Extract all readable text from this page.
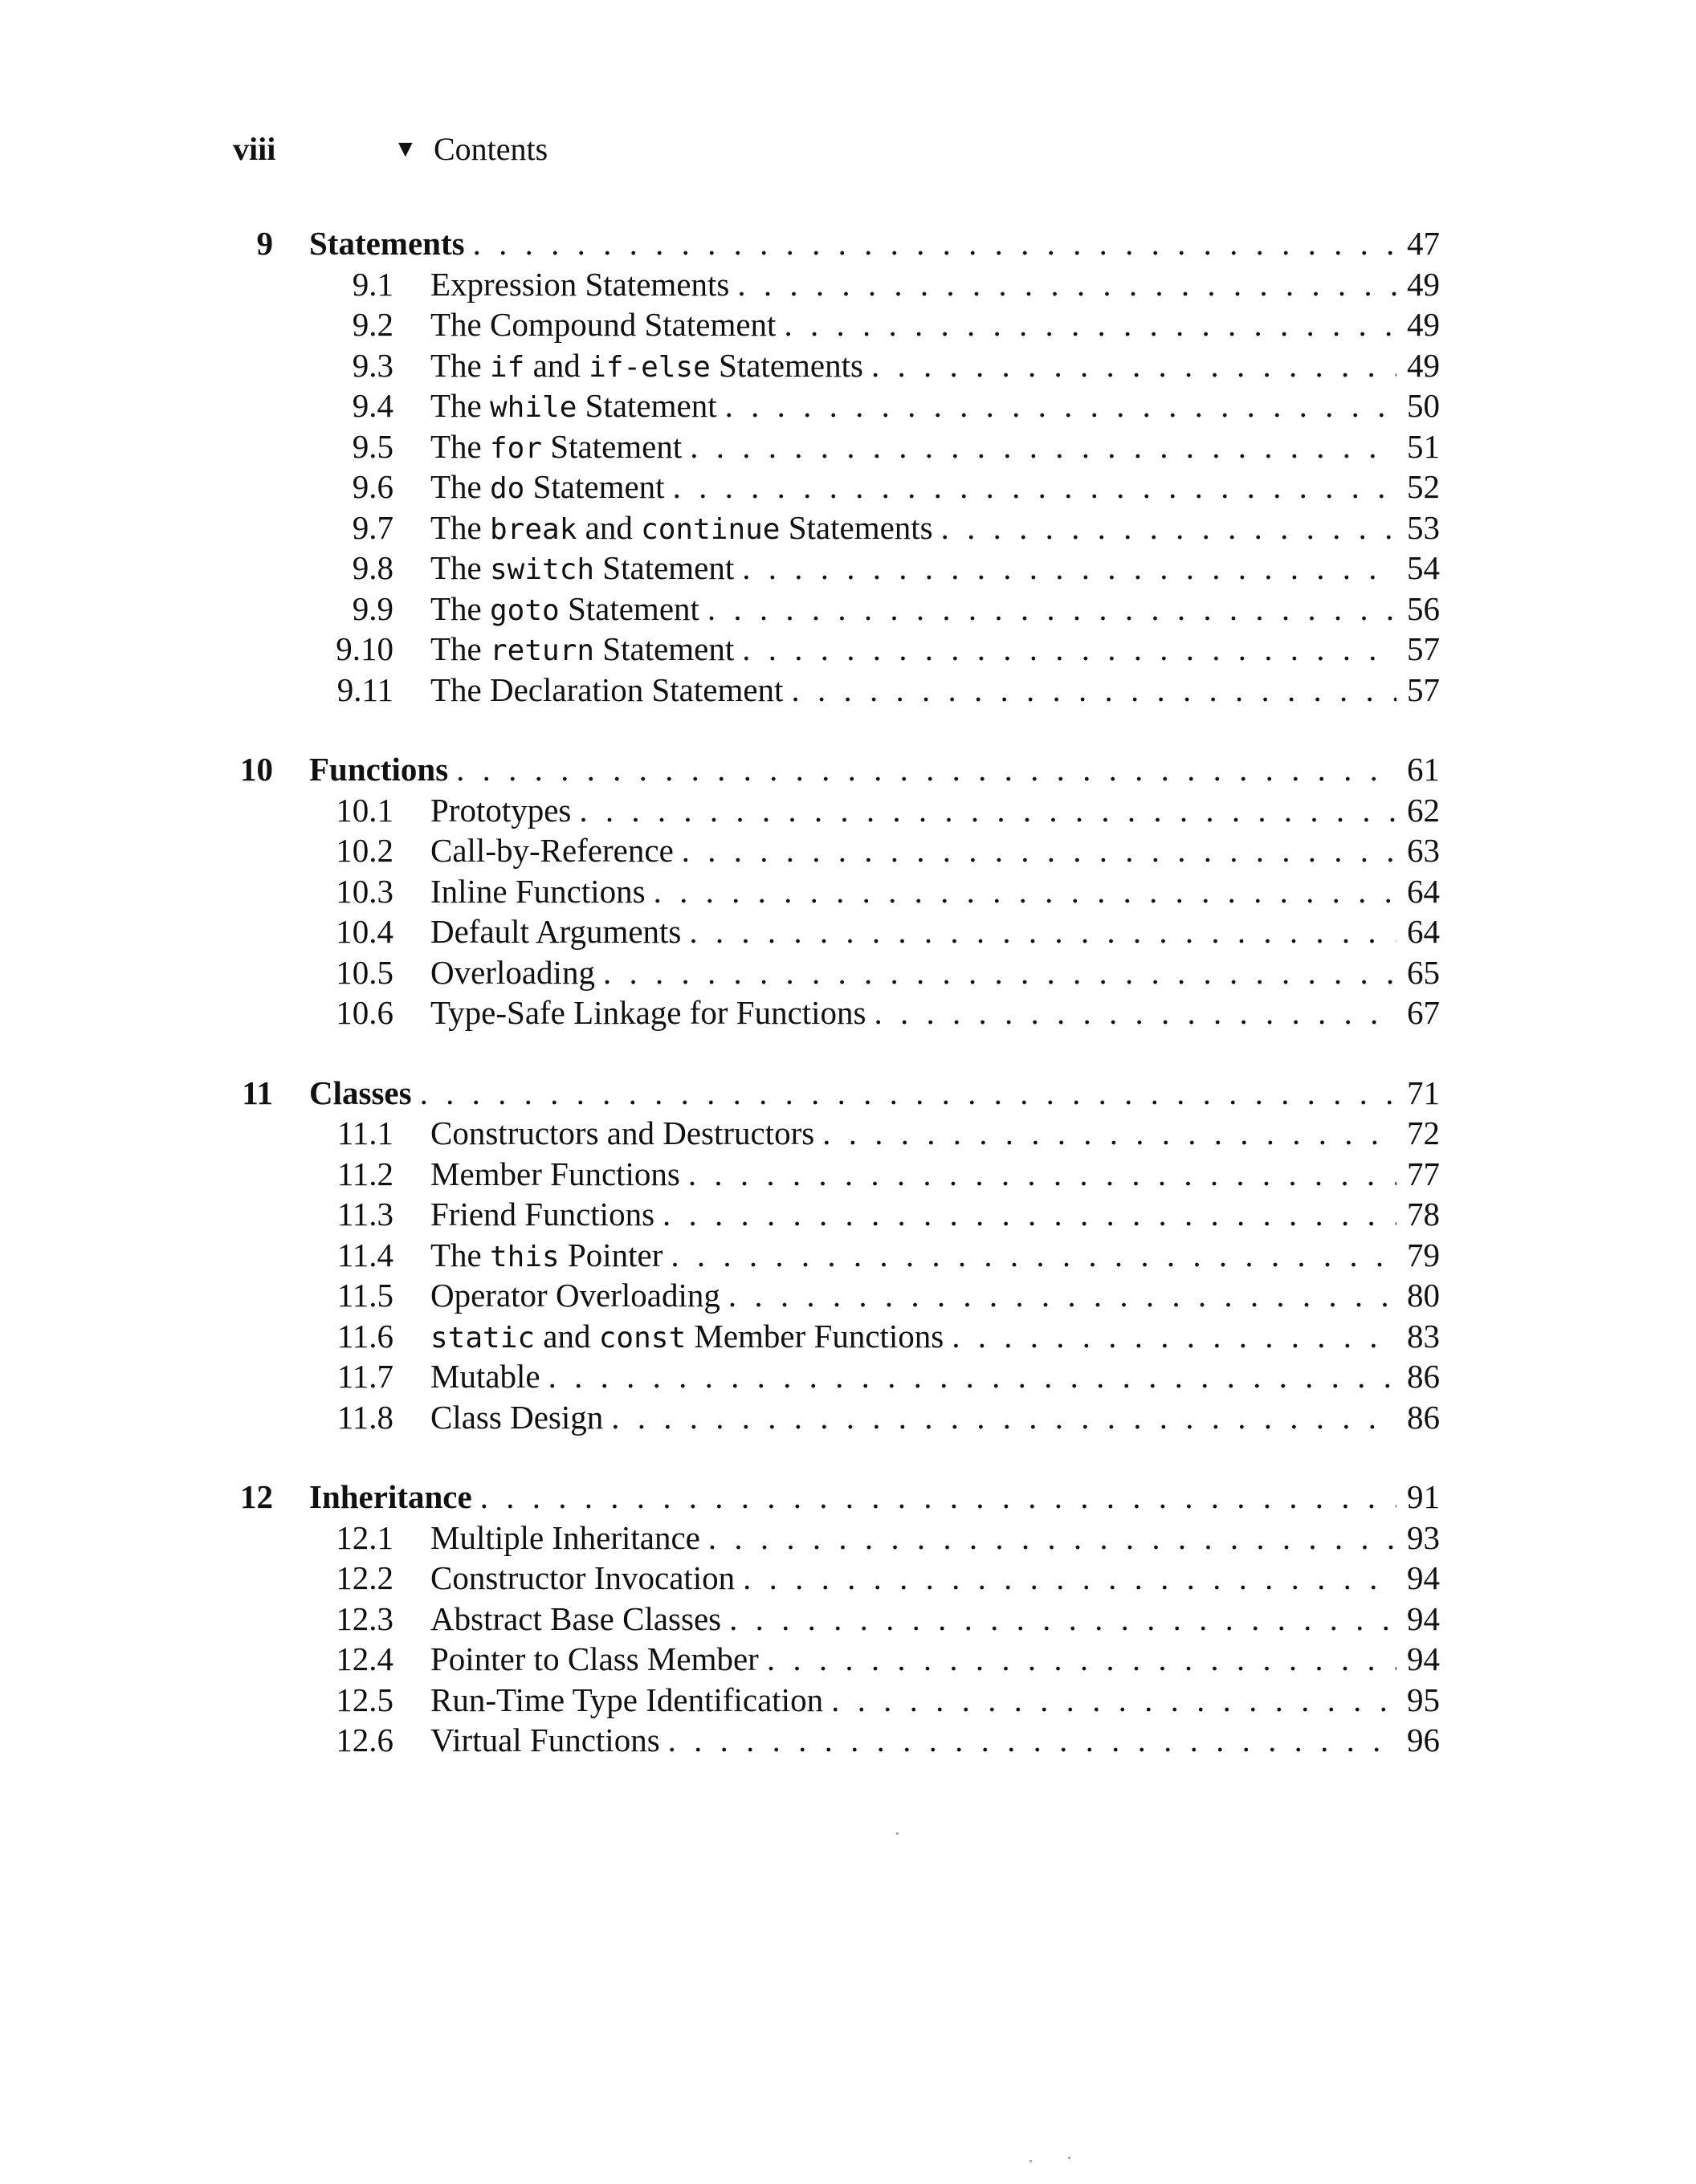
viii	▼ Contents
9 Statements . . .	47
9.1 Expression Statements . . .	49
9.2 The Compound Statement . . .	49
9.3 The if and if-else Statements . . .	49
9.4 The while Statement . . .	50
9.5 The for Statement . . .	51
9.6 The do Statement . . .	52
9.7 The break and continue Statements . . .	53
9.8 The switch Statement . . .	54
9.9 The goto Statement . . .	56
9.10 The return Statement . . .	57
9.11 The Declaration Statement . . .	57
10 Functions . . .	61
10.1 Prototypes . . .	62
10.2 Call-by-Reference . . .	63
10.3 Inline Functions . . .	64
10.4 Default Arguments . . .	64
10.5 Overloading . . .	65
10.6 Type-Safe Linkage for Functions . . .	67
11 Classes . . .	71
11.1 Constructors and Destructors . . .	72
11.2 Member Functions . . .	77
11.3 Friend Functions . . .	78
11.4 The this Pointer . . .	79
11.5 Operator Overloading . . .	80
11.6 static and const Member Functions . . .	83
11.7 Mutable . . .	86
11.8 Class Design . . .	86
12 Inheritance . . .	91
12.1 Multiple Inheritance . . .	93
12.2 Constructor Invocation . . .	94
12.3 Abstract Base Classes . . .	94
12.4 Pointer to Class Member . . .	94
12.5 Run-Time Type Identification . . .	95
12.6 Virtual Functions . . .	96
